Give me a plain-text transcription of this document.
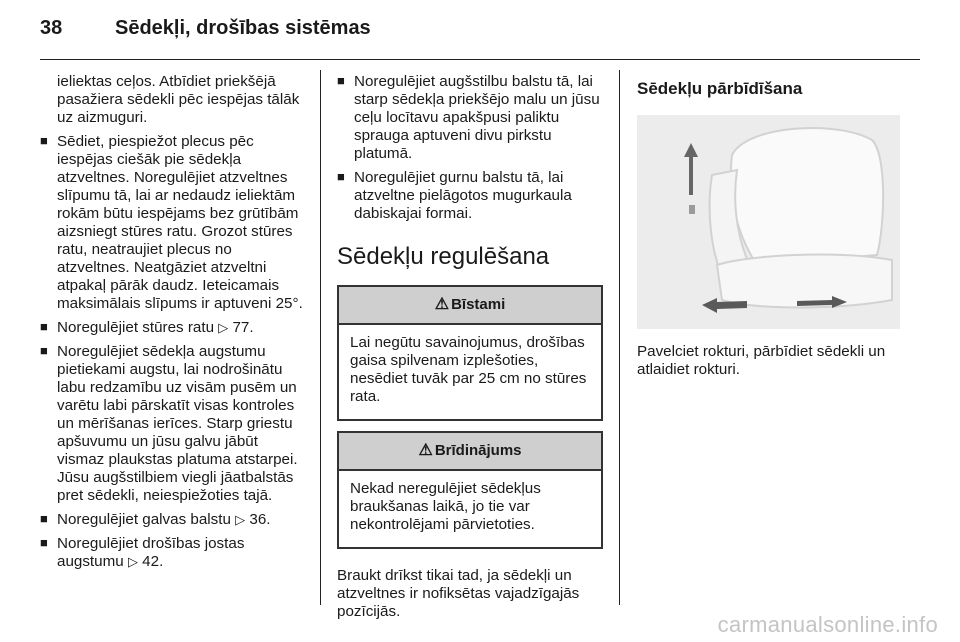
38	Sēdekļi, drošības sistēmas

ieliektas ceļos. Atbīdiet priekšējā pasažiera sēdekli pēc iespējas tālāk uz aizmuguri.

■ Sēdiet, piespiežot plecus pēc iespējas ciešāk pie sēdekļa atzveltnes. Noregulējiet atzveltnes slīpumu tā, lai ar nedaudz ieliektām rokām būtu iespējams bez grūtībām aizsniegt stūres ratu. Grozot stūres ratu, neatraujiet plecus no atzveltnes. Neatgāziet atzveltni atpakaļ pārāk daudz. Ieteicamais maksimālais slīpums ir aptuveni 25°.
■ Noregulējiet stūres ratu ▷ 77.
■ Noregulējiet sēdekļa augstumu pietiekami augstu, lai nodrošinātu labu redzamību uz visām pusēm un varētu labi pārskatīt visas kontroles un mērīšanas ierīces. Starp griestu apšuvumu un jūsu galvu jābūt vismaz plaukstas platuma atstarpei. Jūsu augšstilbiem viegli jāatbalstās pret sēdekli, neiespiežoties tajā.
■ Noregulējiet galvas balstu ▷ 36.
■ Noregulējiet drošības jostas augstumu ▷ 42.
■ Noregulējiet augšstilbu balstu tā, lai starp sēdekļa priekšējo malu un jūsu ceļu locītavu apakšpusi paliktu sprauga aptuveni divu pirkstu platumā.
■ Noregulējiet gurnu balstu tā, lai atzveltne pielāgotos mugurkaula dabiskajai formai.
Sēdekļu regulēšana
⚠ Bīstami
Lai negūtu savainojumus, drošības gaisa spilvenam izplešoties, nesēdiet tuvāk par 25 cm no stūres rata.
⚠ Brīdinājums
Nekad neregulējiet sēdekļus braukšanas laikā, jo tie var nekontrolējami pārvietoties.

Braukt drīkst tikai tad, ja sēdekļi un atzveltnes ir nofiksētas vajadzīgajās pozīcijās.

Sēdekļu pārbīdīšana

Pavelciet rokturi, pārbīdiet sēdekli un atlaidiet rokturi.

carmanualsonline.info
